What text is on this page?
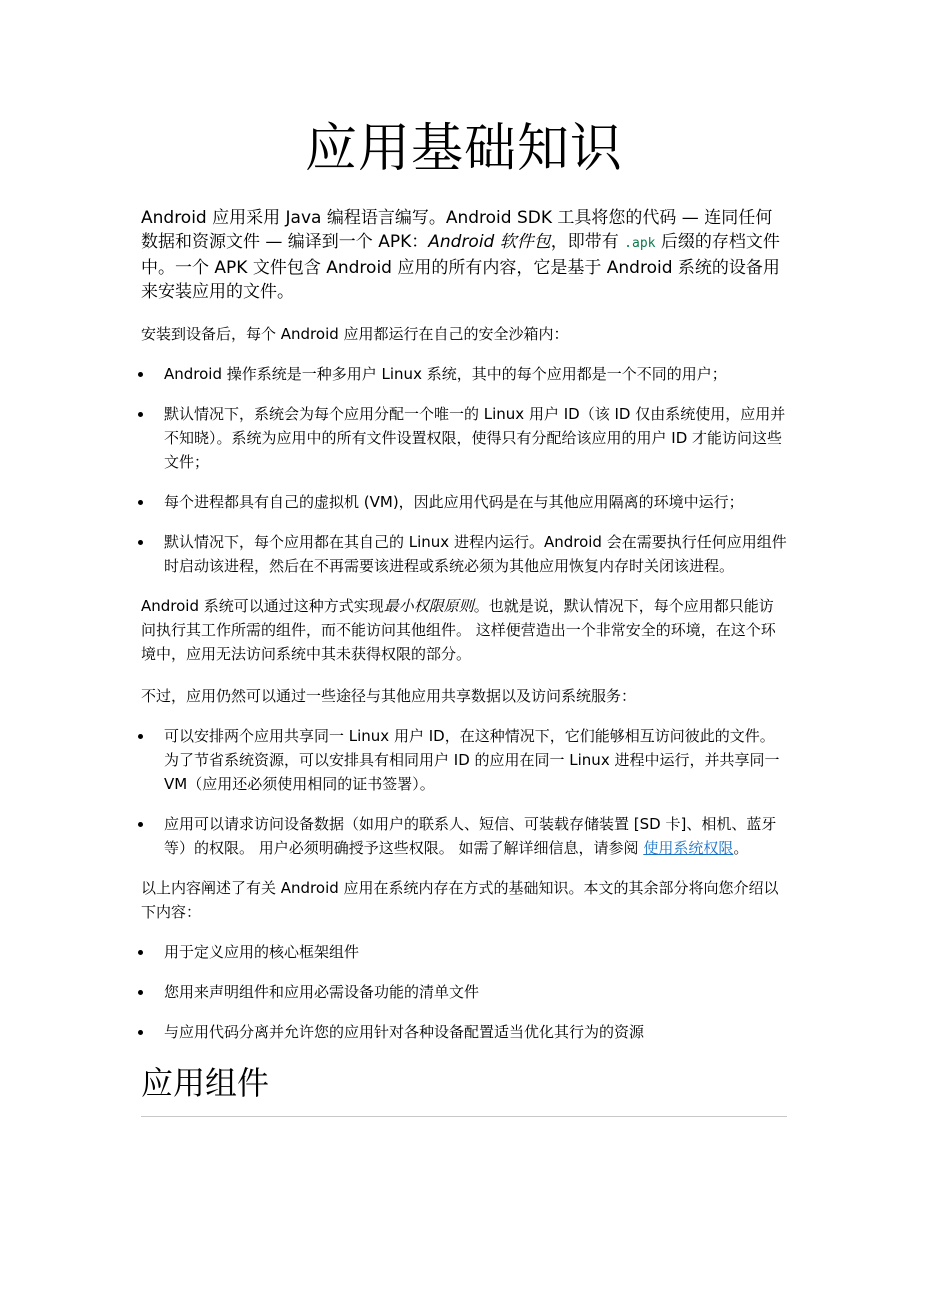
应用基础知识

Android 应用采用 Java 编程语言编写。Android SDK 工具将您的代码 — 连同任何数据和资源文件 — 编译到一个 APK：Android 软件包，即带有 .apk 后缀的存档文件中。一个 APK 文件包含 Android 应用的所有内容，它是基于 Android 系统的设备用来安装应用的文件。

安装到设备后，每个 Android 应用都运行在自己的安全沙箱内：

Android 操作系统是一种多用户 Linux 系统，其中的每个应用都是一个不同的用户；
默认情况下，系统会为每个应用分配一个唯一的 Linux 用户 ID（该 ID 仅由系统使用，应用并不知晓）。系统为应用中的所有文件设置权限，使得只有分配给该应用的用户 ID 才能访问这些文件；
每个进程都具有自己的虚拟机 (VM)，因此应用代码是在与其他应用隔离的环境中运行；
默认情况下，每个应用都在其自己的 Linux 进程内运行。Android 会在需要执行任何应用组件时启动该进程，然后在不再需要该进程或系统必须为其他应用恢复内存时关闭该进程。

Android 系统可以通过这种方式实现最小权限原则。也就是说，默认情况下，每个应用都只能访问执行其工作所需的组件，而不能访问其他组件。 这样便营造出一个非常安全的环境，在这个环境中，应用无法访问系统中其未获得权限的部分。

不过，应用仍然可以通过一些途径与其他应用共享数据以及访问系统服务：

可以安排两个应用共享同一 Linux 用户 ID，在这种情况下，它们能够相互访问彼此的文件。 为了节省系统资源，可以安排具有相同用户 ID 的应用在同一 Linux 进程中运行，并共享同一 VM（应用还必须使用相同的证书签署）。
应用可以请求访问设备数据（如用户的联系人、短信、可装载存储装置 [SD 卡]、相机、蓝牙等）的权限。 用户必须明确授予这些权限。 如需了解详细信息，请参阅 使用系统权限。

以上内容阐述了有关 Android 应用在系统内存在方式的基础知识。本文的其余部分将向您介绍以下内容：

用于定义应用的核心框架组件
您用来声明组件和应用必需设备功能的清单文件
与应用代码分离并允许您的应用针对各种设备配置适当优化其行为的资源
应用组件
